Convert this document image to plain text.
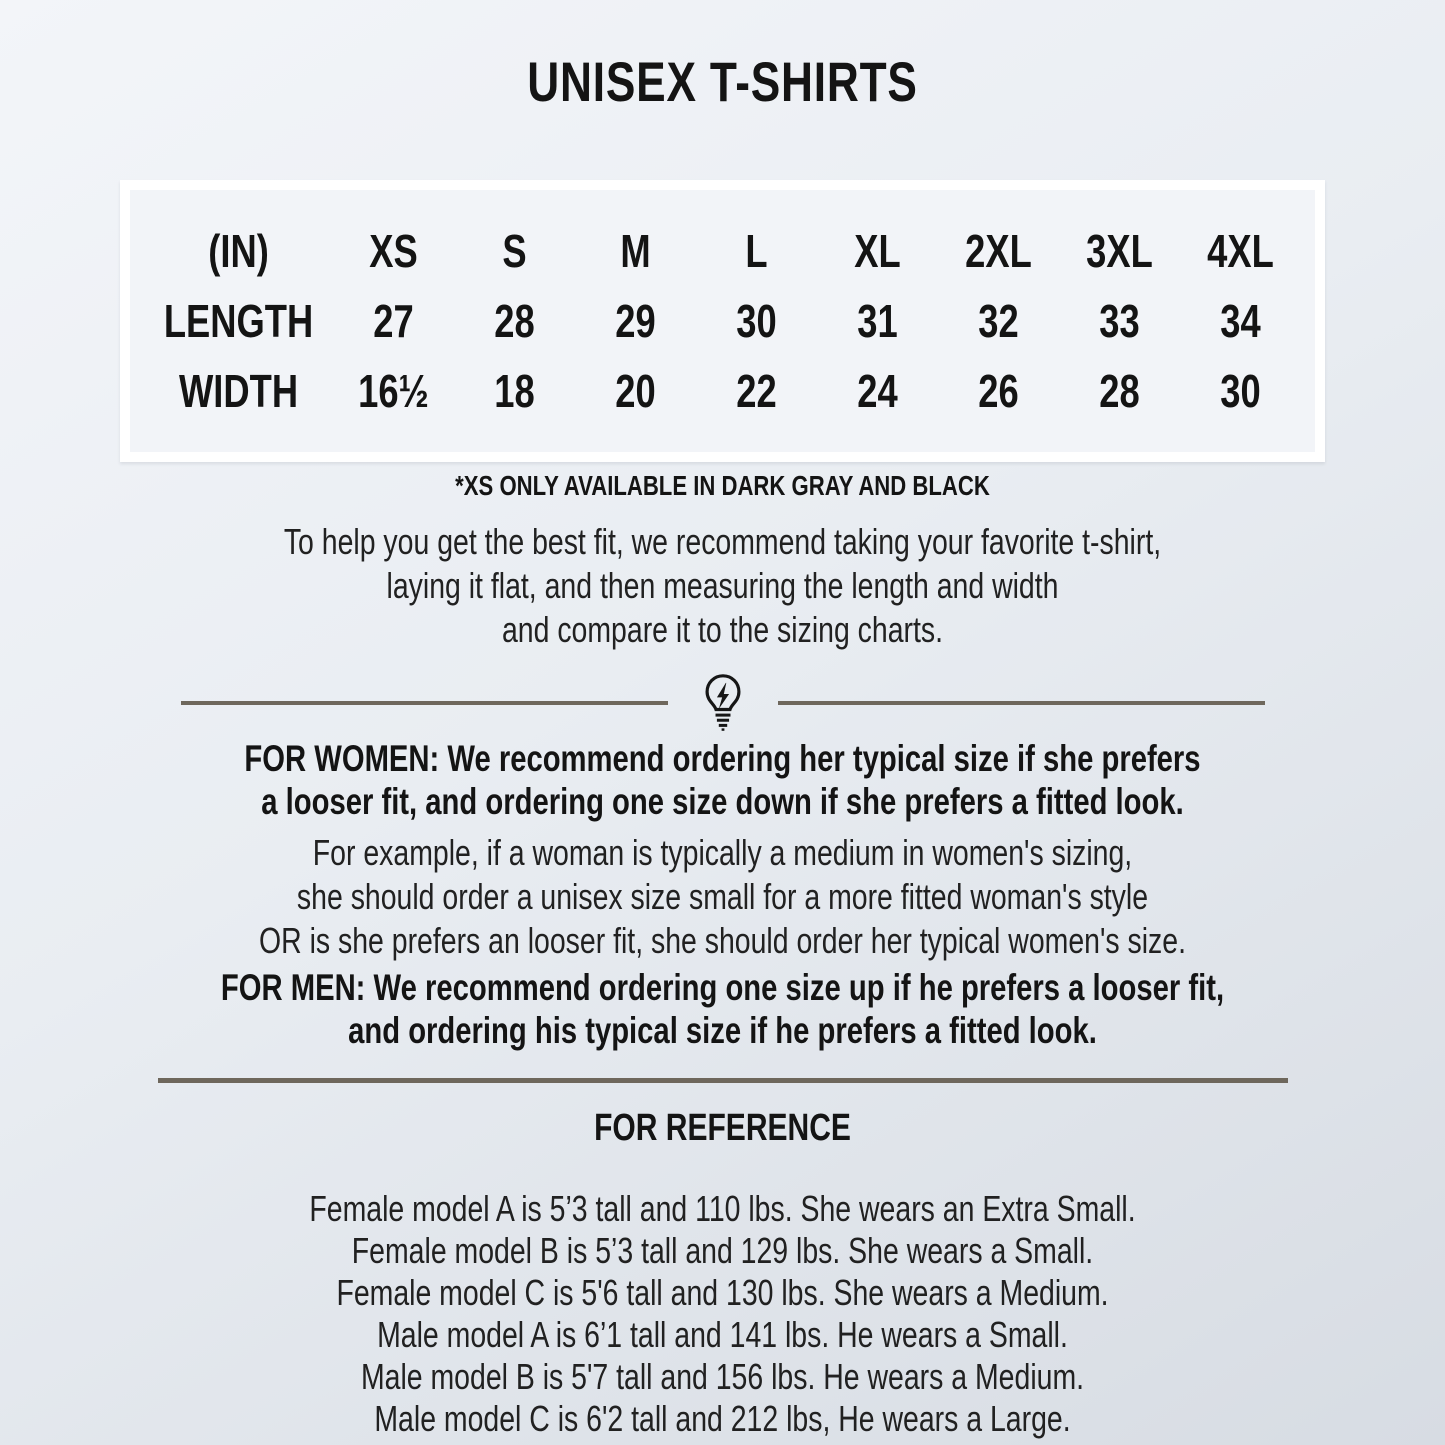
UNISEX T-SHIRTS
(IN)	XS	S	M	L	XL	2XL	3XL	4XL
LENGTH	27	28	29	30	31	32	33	34
WIDTH	16½	18	20	22	24	26	28	30
*XS ONLY AVAILABLE IN DARK GRAY AND BLACK
To help you get the best fit, we recommend taking your favorite t-shirt,
laying it flat, and then measuring the length and width
and compare it to the sizing charts.
FOR WOMEN: We recommend ordering her typical size if she prefers
a looser fit, and ordering one size down if she prefers a fitted look.
For example, if a woman is typically a medium in women's sizing,
she should order a unisex size small for a more fitted woman's style
OR is she prefers an looser fit, she should order her typical women's size.
FOR MEN: We recommend ordering one size up if he prefers a looser fit,
and ordering his typical size if he prefers a fitted look.
FOR REFERENCE
Female model A is 5’3 tall and 110 lbs. She wears an Extra Small.
Female model B is 5’3 tall and 129 lbs. She wears a Small.
Female model C is 5'6 tall and 130 lbs. She wears a Medium.
Male model A is 6’1 tall and 141 lbs. He wears a Small.
Male model B is 5'7 tall and 156 lbs. He wears a Medium.
Male model C is 6'2 tall and 212 lbs, He wears a Large.
